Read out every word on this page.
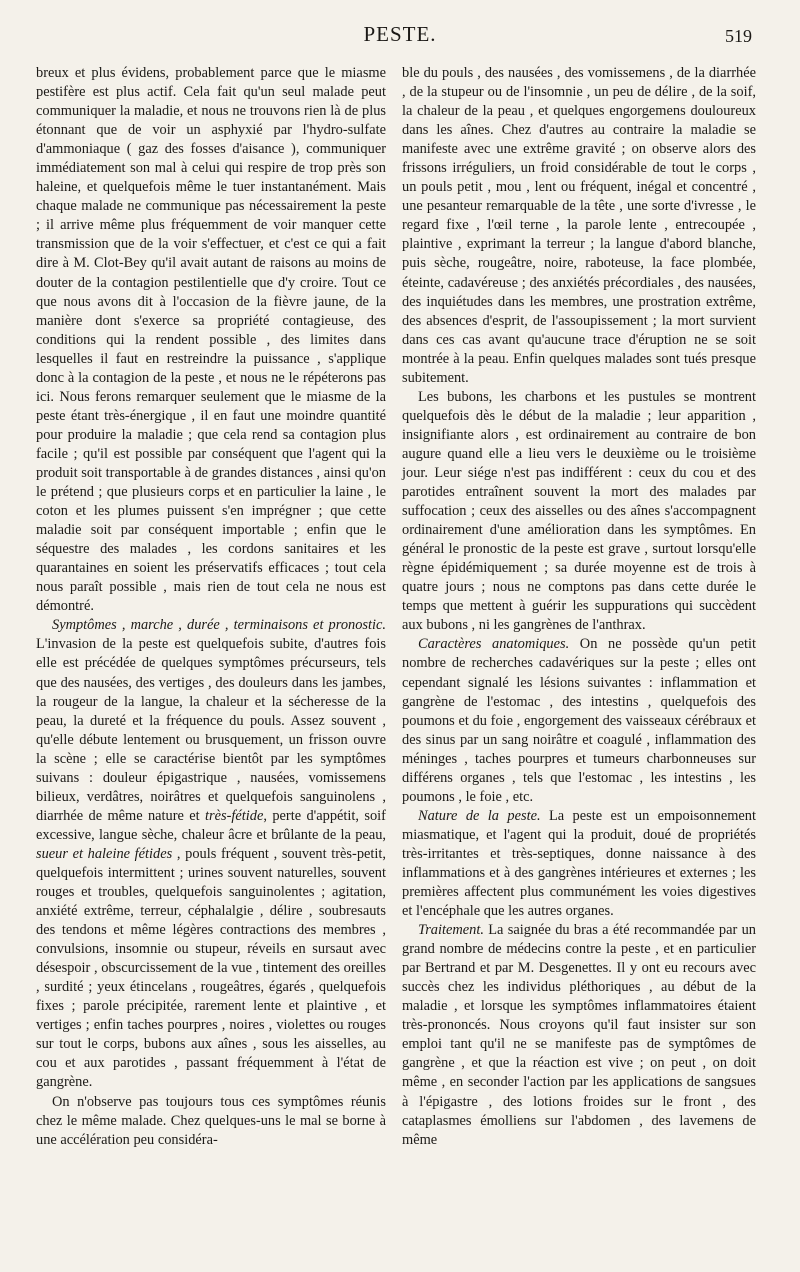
PESTE.	519

breux et plus évidens, probablement parce que le miasme pestifère est plus actif. Cela fait qu'un seul malade peut communiquer la maladie, et nous ne trouvons rien là de plus étonnant que de voir un asphyxié par l'hydro-sulfate d'ammoniaque ( gaz des fosses d'aisance ), communiquer immédiatement son mal à celui qui respire de trop près son haleine, et quelquefois même le tuer instantanément. Mais chaque malade ne communique pas nécessairement la peste ; il arrive même plus fréquemment de voir manquer cette transmission que de la voir s'effectuer, et c'est ce qui a fait dire à M. Clot-Bey qu'il avait autant de raisons au moins de douter de la contagion pestilentielle que d'y croire. Tout ce que nous avons dit à l'occasion de la fièvre jaune, de la manière dont s'exerce sa propriété contagieuse, des conditions qui la rendent possible , des limites dans lesquelles il faut en restreindre la puissance , s'applique donc à la contagion de la peste , et nous ne le répéterons pas ici. Nous ferons remarquer seulement que le miasme de la peste étant très-énergique , il en faut une moindre quantité pour produire la maladie ; que cela rend sa contagion plus facile ; qu'il est possible par conséquent que l'agent qui la produit soit transportable à de grandes distances , ainsi qu'on le prétend ; que plusieurs corps et en particulier la laine , le coton et les plumes puissent s'en imprégner ; que cette maladie soit par conséquent importable ; enfin que le séquestre des malades , les cordons sanitaires et les quarantaines en soient les préservatifs efficaces ; tout cela nous paraît possible , mais rien de tout cela ne nous est démontré.

Symptômes , marche , durée , terminaisons et pronostic. L'invasion de la peste est quelquefois subite, d'autres fois elle est précédée de quelques symptômes précurseurs, tels que des nausées, des vertiges , des douleurs dans les jambes, la rougeur de la langue, la chaleur et la sécheresse de la peau, la dureté et la fréquence du pouls. Assez souvent , qu'elle débute lentement ou brusquement, un frisson ouvre la scène ; elle se caractérise bientôt par les symptômes suivans : douleur épigastrique , nausées, vomissemens bilieux, verdâtres, noirâtres et quelquefois sanguinolens , diarrhée de même nature et très-fétide, perte d'appétit, soif excessive, langue sèche, chaleur âcre et brûlante de la peau, sueur et haleine fétides , pouls fréquent , souvent très-petit, quelquefois intermittent ; urines souvent naturelles, souvent rouges et troubles, quelquefois sanguinolentes ; agitation, anxiété extrême, terreur, céphalalgie , délire , soubresauts des tendons et même légères contractions des membres , convulsions, insomnie ou stupeur, réveils en sursaut avec désespoir , obscurcissement de la vue , tintement des oreilles , surdité ; yeux étincelans , rougeâtres, égarés , quelquefois fixes ; parole précipitée, rarement lente et plaintive , et vertiges ; enfin taches pourpres , noires , violettes ou rouges sur tout le corps, bubons aux aînes , sous les aisselles, au cou et aux parotides , passant fréquemment à l'état de gangrène.

On n'observe pas toujours tous ces symptômes réunis chez le même malade. Chez quelques-uns le mal se borne à une accélération peu considéra-

ble du pouls , des nausées , des vomissemens , de la diarrhée , de la stupeur ou de l'insomnie , un peu de délire , de la soif, la chaleur de la peau , et quelques engorgemens douloureux dans les aînes. Chez d'autres au contraire la maladie se manifeste avec une extrême gravité ; on observe alors des frissons irréguliers, un froid considérable de tout le corps , un pouls petit , mou , lent ou fréquent, inégal et concentré , une pesanteur remarquable de la tête , une sorte d'ivresse , le regard fixe , l'œil terne , la parole lente , entrecoupée , plaintive , exprimant la terreur ; la langue d'abord blanche, puis sèche, rougeâtre, noire, raboteuse, la face plombée, éteinte, cadavéreuse ; des anxiétés précordiales , des nausées, des inquiétudes dans les membres, une prostration extrême, des absences d'esprit, de l'assoupissement ; la mort survient dans ces cas avant qu'aucune trace d'éruption ne se soit montrée à la peau. Enfin quelques malades sont tués presque subitement.

Les bubons, les charbons et les pustules se montrent quelquefois dès le début de la maladie ; leur apparition , insignifiante alors , est ordinairement au contraire de bon augure quand elle a lieu vers le deuxième ou le troisième jour. Leur siége n'est pas indifférent : ceux du cou et des parotides entraînent souvent la mort des malades par suffocation ; ceux des aisselles ou des aînes s'accompagnent ordinairement d'une amélioration dans les symptômes. En général le pronostic de la peste est grave , surtout lorsqu'elle règne épidémiquement ; sa durée moyenne est de trois à quatre jours ; nous ne comptons pas dans cette durée le temps que mettent à guérir les suppurations qui succèdent aux bubons , ni les gangrènes de l'anthrax.

Caractères anatomiques. On ne possède qu'un petit nombre de recherches cadavériques sur la peste ; elles ont cependant signalé les lésions suivantes : inflammation et gangrène de l'estomac , des intestins , quelquefois des poumons et du foie , engorgement des vaisseaux cérébraux et des sinus par un sang noirâtre et coagulé , inflammation des méninges , taches pourpres et tumeurs charbonneuses sur différens organes , tels que l'estomac , les intestins , les poumons , le foie , etc.

Nature de la peste. La peste est un empoisonnement miasmatique, et l'agent qui la produit, doué de propriétés très-irritantes et très-septiques, donne naissance à des inflammations et à des gangrènes intérieures et externes ; les premières affectent plus communément les voies digestives et l'encéphale que les autres organes.

Traitement. La saignée du bras a été recommandée par un grand nombre de médecins contre la peste , et en particulier par Bertrand et par M. Desgenettes. Il y ont eu recours avec succès chez les individus pléthoriques , au début de la maladie , et lorsque les symptômes inflammatoires étaient très-prononcés. Nous croyons qu'il faut insister sur son emploi tant qu'il ne se manifeste pas de symptômes de gangrène , et que la réaction est vive ; on peut , on doit même , en seconder l'action par les applications de sangsues à l'épigastre , des lotions froides sur le front , des cataplasmes émolliens sur l'abdomen , des lavemens de même
